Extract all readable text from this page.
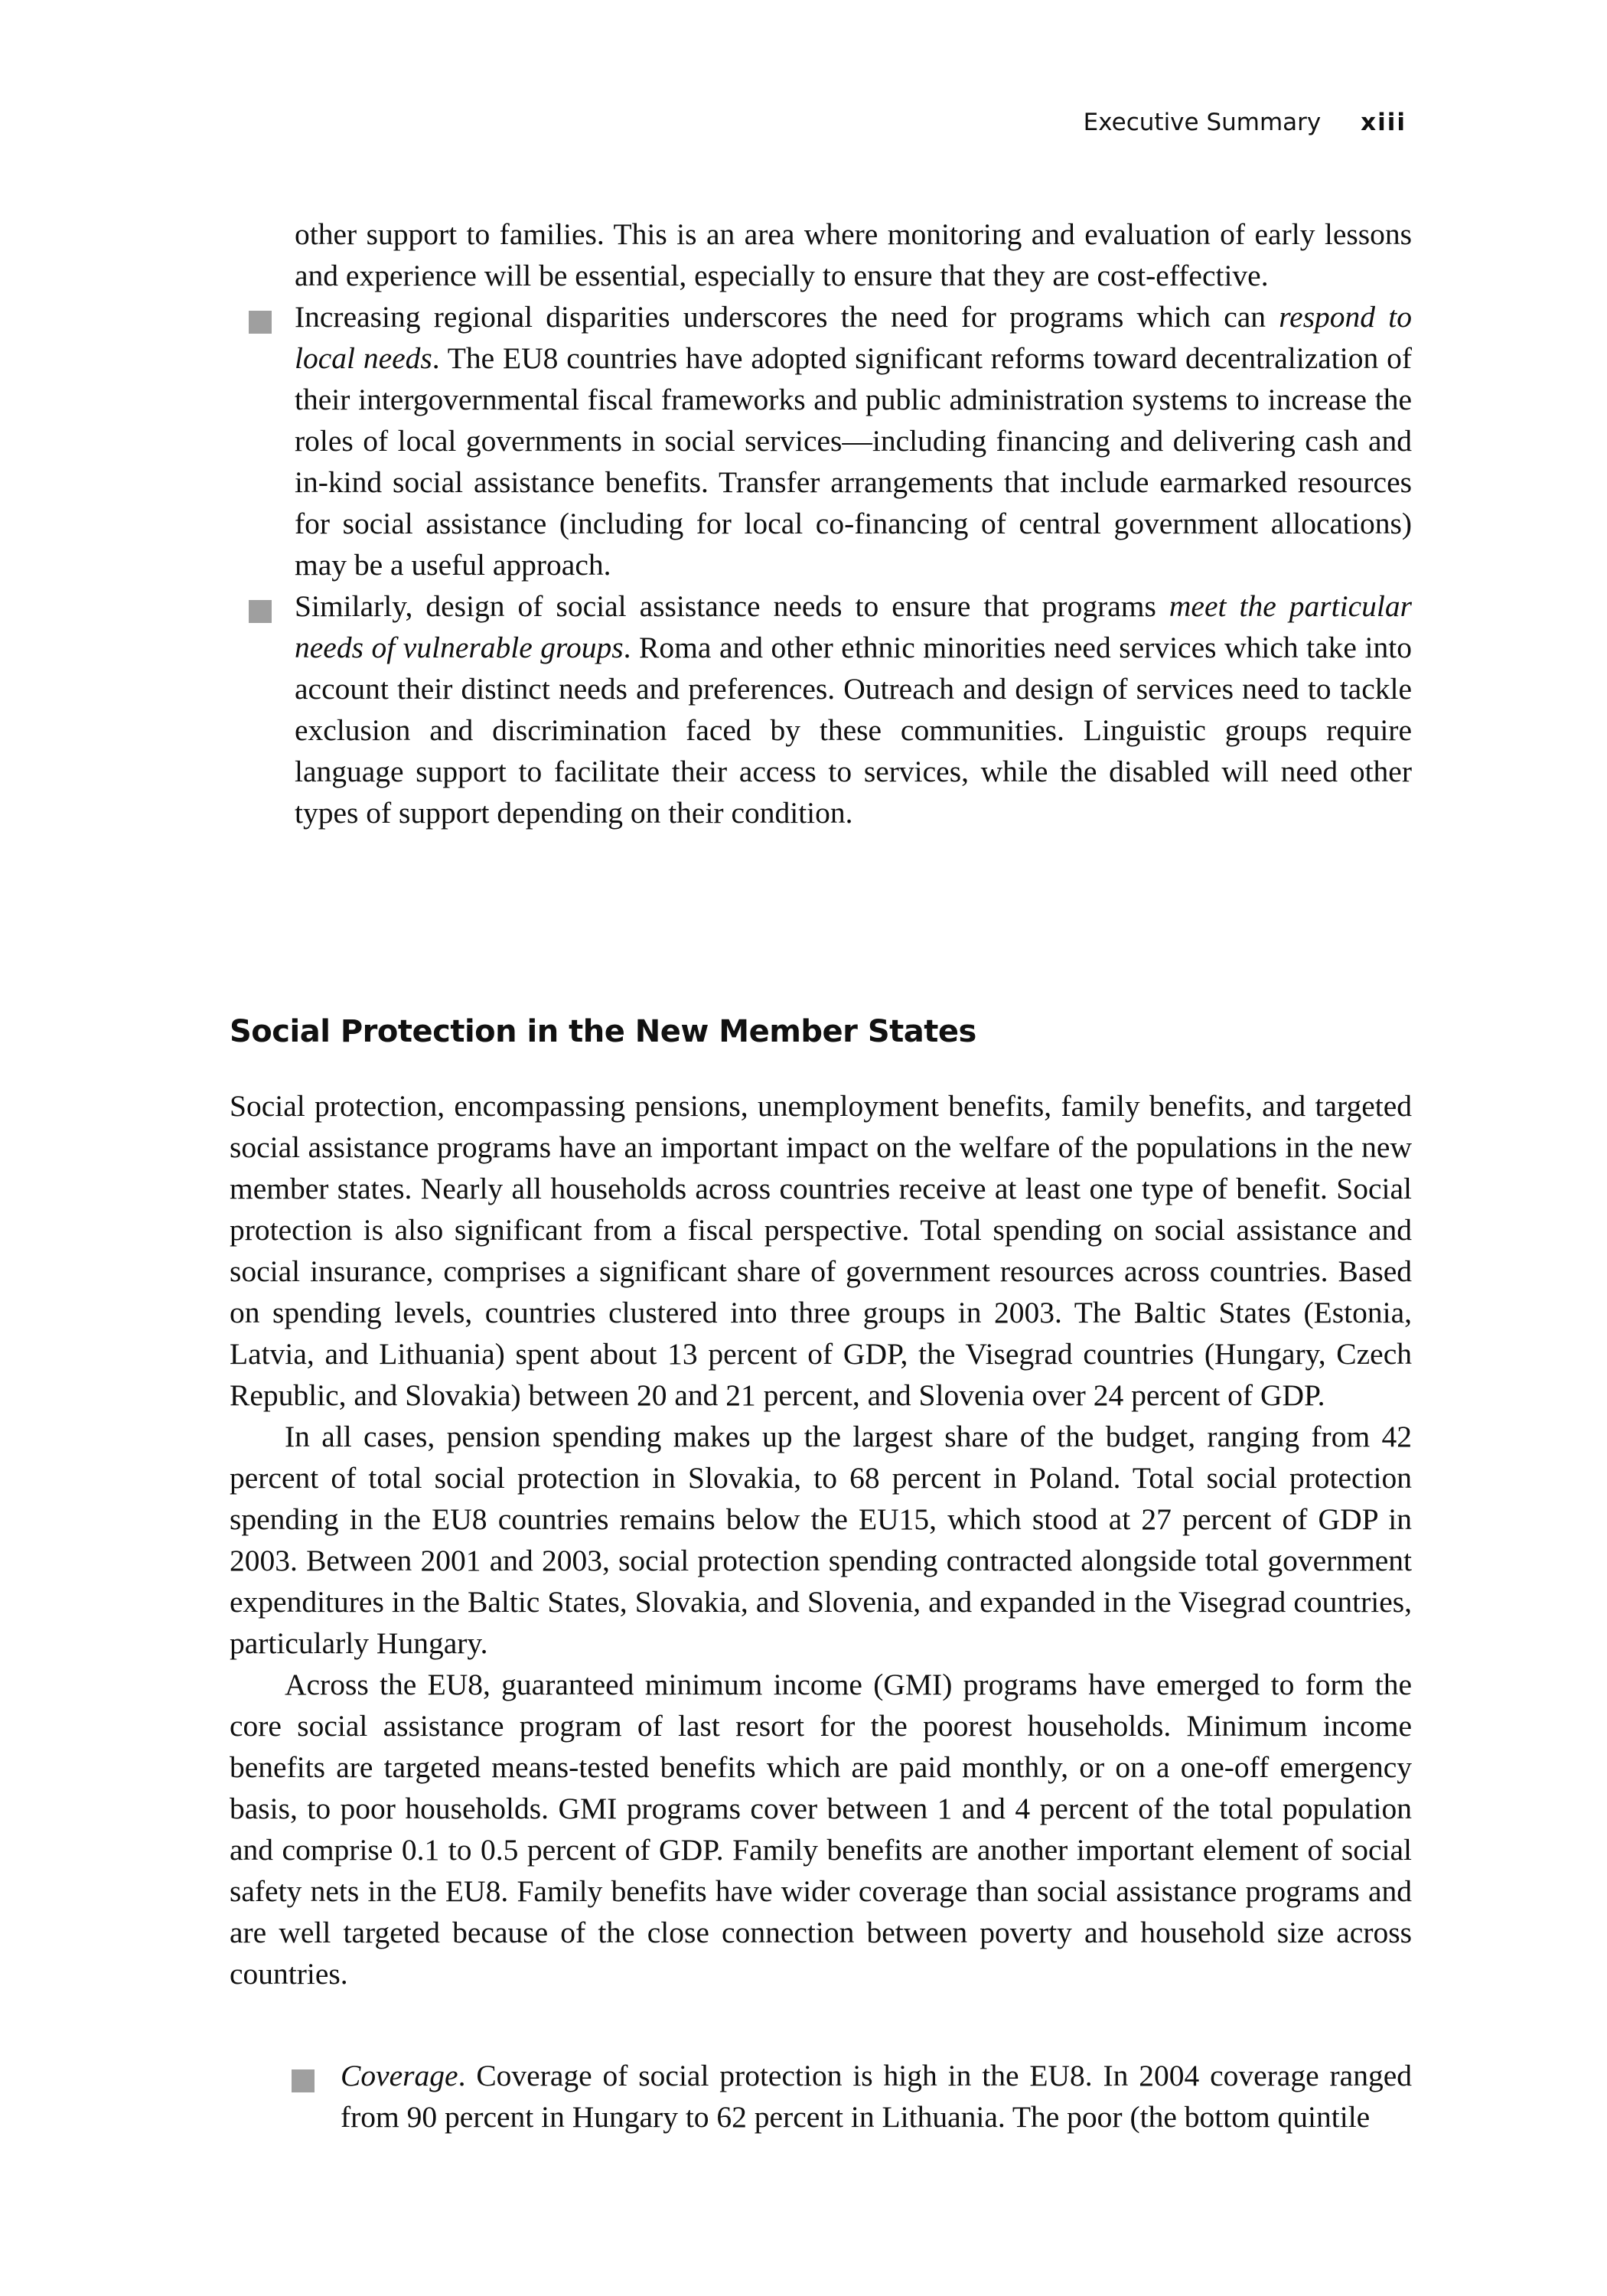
Executive Summary xiii

other support to families. This is an area where monitoring and evaluation of early lessons and experience will be essential, especially to ensure that they are cost-effective.

Increasing regional disparities underscores the need for programs which can respond to local needs. The EU8 countries have adopted significant reforms toward decentralization of their intergovernmental fiscal frameworks and public administration systems to increase the roles of local governments in social services—including financing and delivering cash and in-kind social assistance benefits. Transfer arrangements that include earmarked resources for social assistance (including for local co-financing of central government allocations) may be a useful approach.

Similarly, design of social assistance needs to ensure that programs meet the particular needs of vulnerable groups. Roma and other ethnic minorities need services which take into account their distinct needs and preferences. Outreach and design of services need to tackle exclusion and discrimination faced by these communities. Linguistic groups require language support to facilitate their access to services, while the disabled will need other types of support depending on their condition.

Social Protection in the New Member States

Social protection, encompassing pensions, unemployment benefits, family benefits, and targeted social assistance programs have an important impact on the welfare of the populations in the new member states. Nearly all households across countries receive at least one type of benefit. Social protection is also significant from a fiscal perspective. Total spending on social assistance and social insurance, comprises a significant share of government resources across countries. Based on spending levels, countries clustered into three groups in 2003. The Baltic States (Estonia, Latvia, and Lithuania) spent about 13 percent of GDP, the Visegrad countries (Hungary, Czech Republic, and Slovakia) between 20 and 21 percent, and Slovenia over 24 percent of GDP.

In all cases, pension spending makes up the largest share of the budget, ranging from 42 percent of total social protection in Slovakia, to 68 percent in Poland. Total social protection spending in the EU8 countries remains below the EU15, which stood at 27 percent of GDP in 2003. Between 2001 and 2003, social protection spending contracted alongside total government expenditures in the Baltic States, Slovakia, and Slovenia, and expanded in the Visegrad countries, particularly Hungary.

Across the EU8, guaranteed minimum income (GMI) programs have emerged to form the core social assistance program of last resort for the poorest households. Minimum income benefits are targeted means-tested benefits which are paid monthly, or on a one-off emergency basis, to poor households. GMI programs cover between 1 and 4 percent of the total population and comprise 0.1 to 0.5 percent of GDP. Family benefits are another important element of social safety nets in the EU8. Family benefits have wider coverage than social assistance programs and are well targeted because of the close connection between poverty and household size across countries.

Coverage. Coverage of social protection is high in the EU8. In 2004 coverage ranged from 90 percent in Hungary to 62 percent in Lithuania. The poor (the bottom quintile
